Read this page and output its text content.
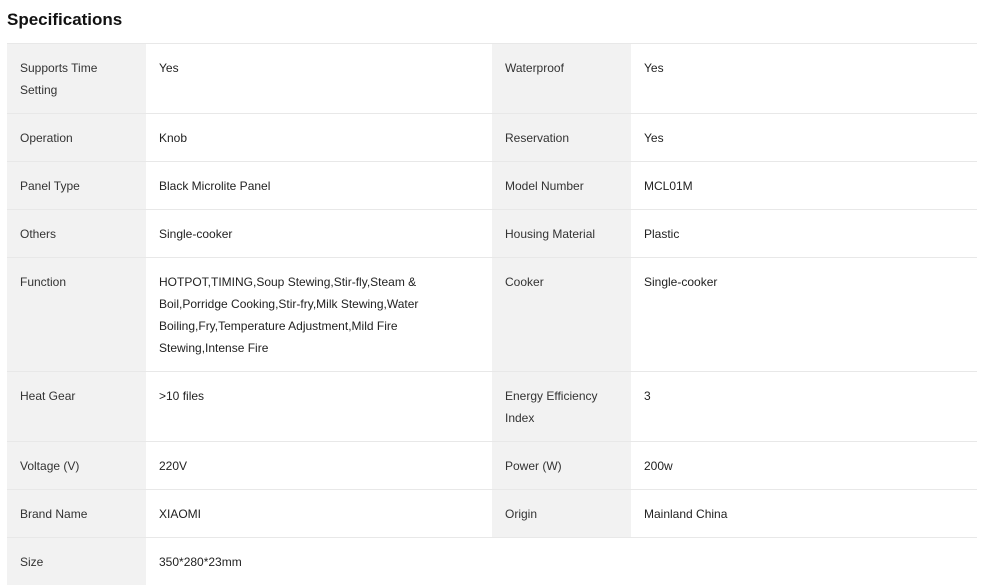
Specifications
Supports Time Setting	Yes	Waterproof	Yes
Operation	Knob	Reservation	Yes
Panel Type	Black Microlite Panel	Model Number	MCL01M
Others	Single-cooker	Housing Material	Plastic
Function	HOTPOT,TIMING,Soup Stewing,Stir-fly,Steam & Boil,Porridge Cooking,Stir-fry,Milk Stewing,Water Boiling,Fry,Temperature Adjustment,Mild Fire Stewing,Intense Fire	Cooker	Single-cooker
Heat Gear	>10 files	Energy Efficiency Index	3
Voltage (V)	220V	Power (W)	200w
Brand Name	XIAOMI	Origin	Mainland China
Size	350*280*23mm		
